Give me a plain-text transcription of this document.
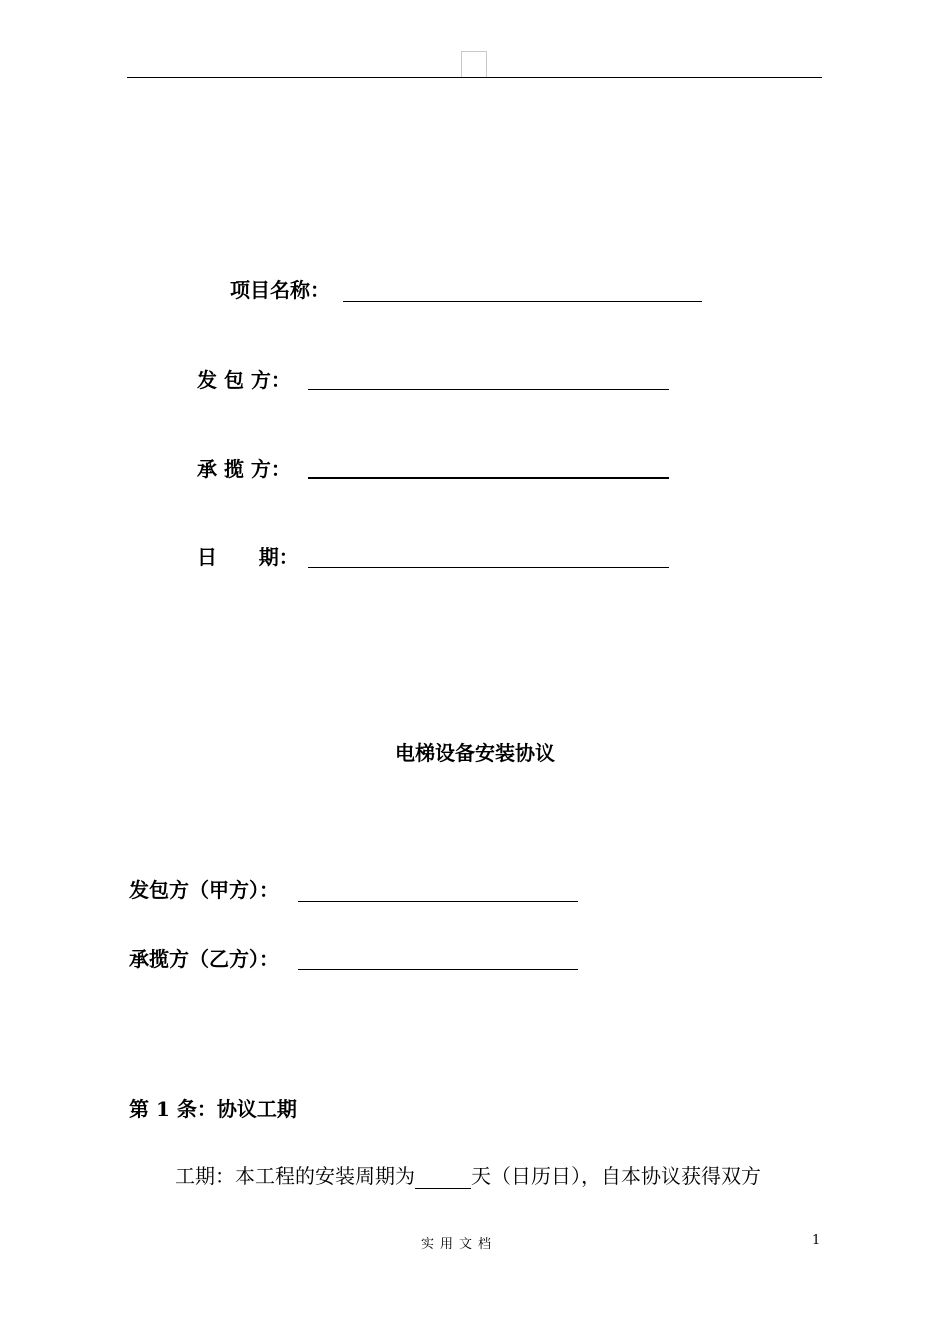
项目名称：
发 包 方：
承 揽 方：
日      期：
电梯设备安装协议
发包方（甲方）：
承揽方（乙方）：
第 1 条：协议工期
工期：本工程的安装周期为	天（日历日），自本协议获得双方
实用文档	1
